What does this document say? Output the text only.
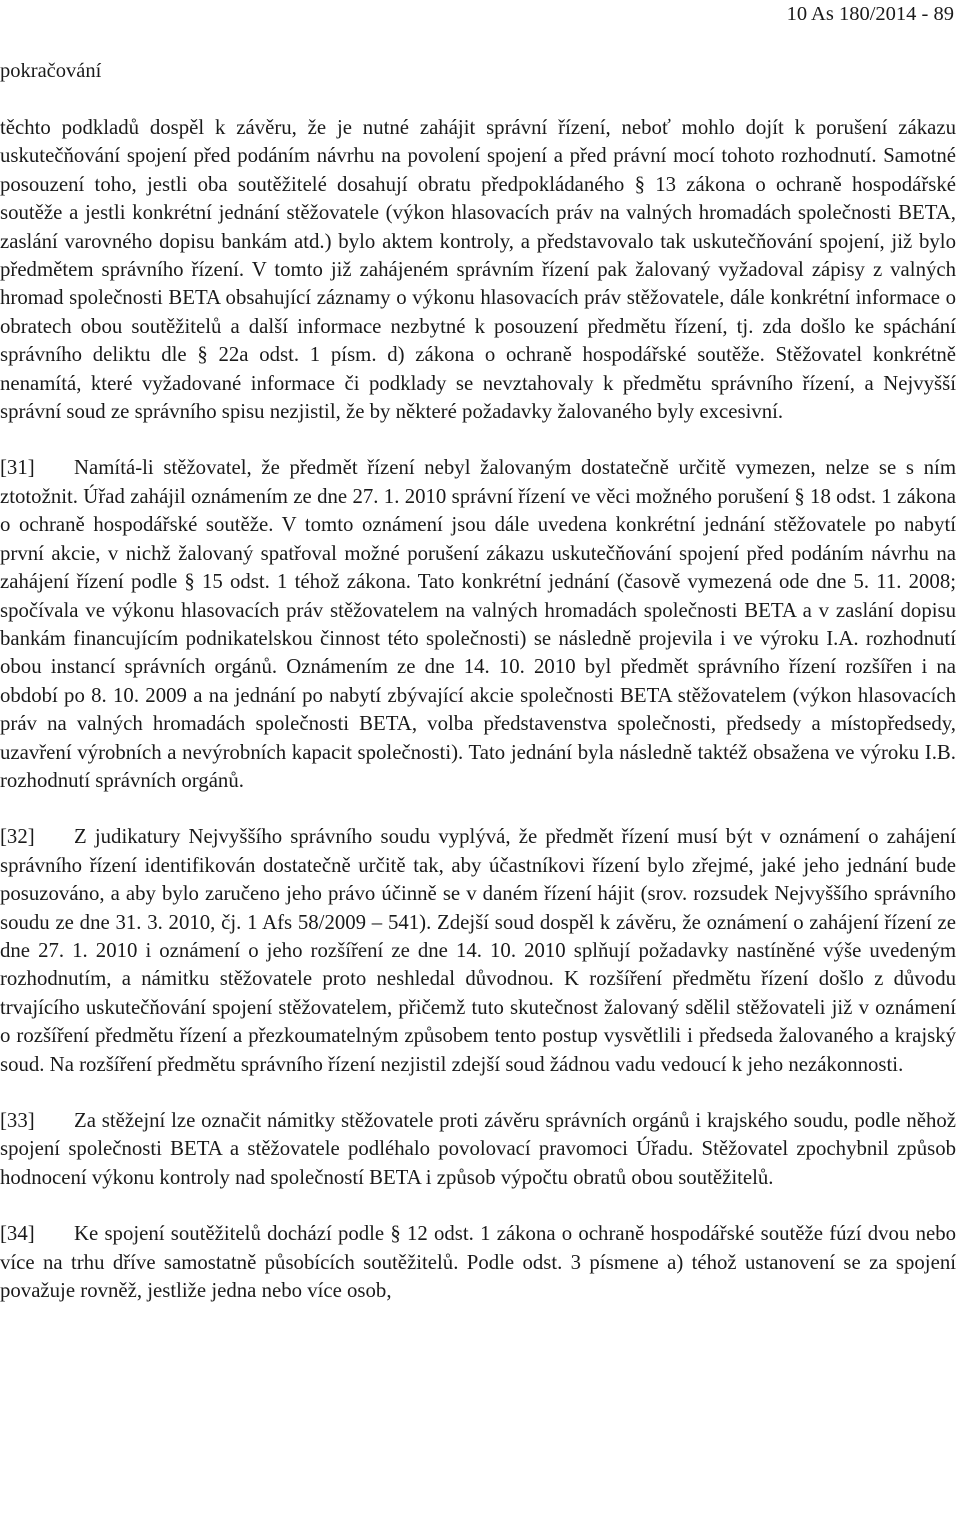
10 As 180/2014 - 89
pokračování

těchto podkladů dospěl k závěru, že je nutné zahájit správní řízení, neboť mohlo dojít k porušení zákazu uskutečňování spojení před podáním návrhu na povolení spojení a před právní mocí tohoto rozhodnutí. Samotné posouzení toho, jestli oba soutěžitelé dosahují obratu předpokládaného § 13 zákona o ochraně hospodářské soutěže a jestli konkrétní jednání stěžovatele (výkon hlasovacích práv na valných hromadách společnosti BETA, zaslání varovného dopisu bankám atd.) bylo aktem kontroly, a představovalo tak uskutečňování spojení, již bylo předmětem správního řízení. V tomto již zahájeném správním řízení pak žalovaný vyžadoval zápisy z valných hromad společnosti BETA obsahující záznamy o výkonu hlasovacích práv stěžovatele, dále konkrétní informace o obratech obou soutěžitelů a další informace nezbytné k posouzení předmětu řízení, tj. zda došlo ke spáchání správního deliktu dle § 22a odst. 1 písm. d) zákona o ochraně hospodářské soutěže. Stěžovatel konkrétně nenamítá, které vyžadované informace či podklady se nevztahovaly k předmětu správního řízení, a Nejvyšší správní soud ze správního spisu nezjistil, že by některé požadavky žalovaného byly excesivní.

[31] Namítá-li stěžovatel, že předmět řízení nebyl žalovaným dostatečně určitě vymezen, nelze se s ním ztotožnit. Úřad zahájil oznámením ze dne 27. 1. 2010 správní řízení ve věci možného porušení § 18 odst. 1 zákona o ochraně hospodářské soutěže. V tomto oznámení jsou dále uvedena konkrétní jednání stěžovatele po nabytí první akcie, v nichž žalovaný spatřoval možné porušení zákazu uskutečňování spojení před podáním návrhu na zahájení řízení podle § 15 odst. 1 téhož zákona. Tato konkrétní jednání (časově vymezená ode dne 5. 11. 2008; spočívala ve výkonu hlasovacích práv stěžovatelem na valných hromadách společnosti BETA a v zaslání dopisu bankám financujícím podnikatelskou činnost této společnosti) se následně projevila i ve výroku I.A. rozhodnutí obou instancí správních orgánů. Oznámením ze dne 14. 10. 2010 byl předmět správního řízení rozšířen i na období po 8. 10. 2009 a na jednání po nabytí zbývající akcie společnosti BETA stěžovatelem (výkon hlasovacích práv na valných hromadách společnosti BETA, volba představenstva společnosti, předsedy a místopředsedy, uzavření výrobních a nevýrobních kapacit společnosti). Tato jednání byla následně taktéž obsažena ve výroku I.B. rozhodnutí správních orgánů.

[32] Z judikatury Nejvyššího správního soudu vyplývá, že předmět řízení musí být v oznámení o zahájení správního řízení identifikován dostatečně určitě tak, aby účastníkovi řízení bylo zřejmé, jaké jeho jednání bude posuzováno, a aby bylo zaručeno jeho právo účinně se v daném řízení hájit (srov. rozsudek Nejvyššího správního soudu ze dne 31. 3. 2010, čj. 1 Afs 58/2009 – 541). Zdejší soud dospěl k závěru, že oznámení o zahájení řízení ze dne 27. 1. 2010 i oznámení o jeho rozšíření ze dne 14. 10. 2010 splňují požadavky nastíněné výše uvedeným rozhodnutím, a námitku stěžovatele proto neshledal důvodnou. K rozšíření předmětu řízení došlo z důvodu trvajícího uskutečňování spojení stěžovatelem, přičemž tuto skutečnost žalovaný sdělil stěžovateli již v oznámení o rozšíření předmětu řízení a přezkoumatelným způsobem tento postup vysvětlili i předseda žalovaného a krajský soud. Na rozšíření předmětu správního řízení nezjistil zdejší soud žádnou vadu vedoucí k jeho nezákonnosti.

[33] Za stěžejní lze označit námitky stěžovatele proti závěru správních orgánů i krajského soudu, podle něhož spojení společnosti BETA a stěžovatele podléhalo povolovací pravomoci Úřadu. Stěžovatel zpochybnil způsob hodnocení výkonu kontroly nad společností BETA i způsob výpočtu obratů obou soutěžitelů.

[34] Ke spojení soutěžitelů dochází podle § 12 odst. 1 zákona o ochraně hospodářské soutěže fúzí dvou nebo více na trhu dříve samostatně působících soutěžitelů. Podle odst. 3 písmene a) téhož ustanovení se za spojení považuje rovněž, jestliže jedna nebo více osob,
